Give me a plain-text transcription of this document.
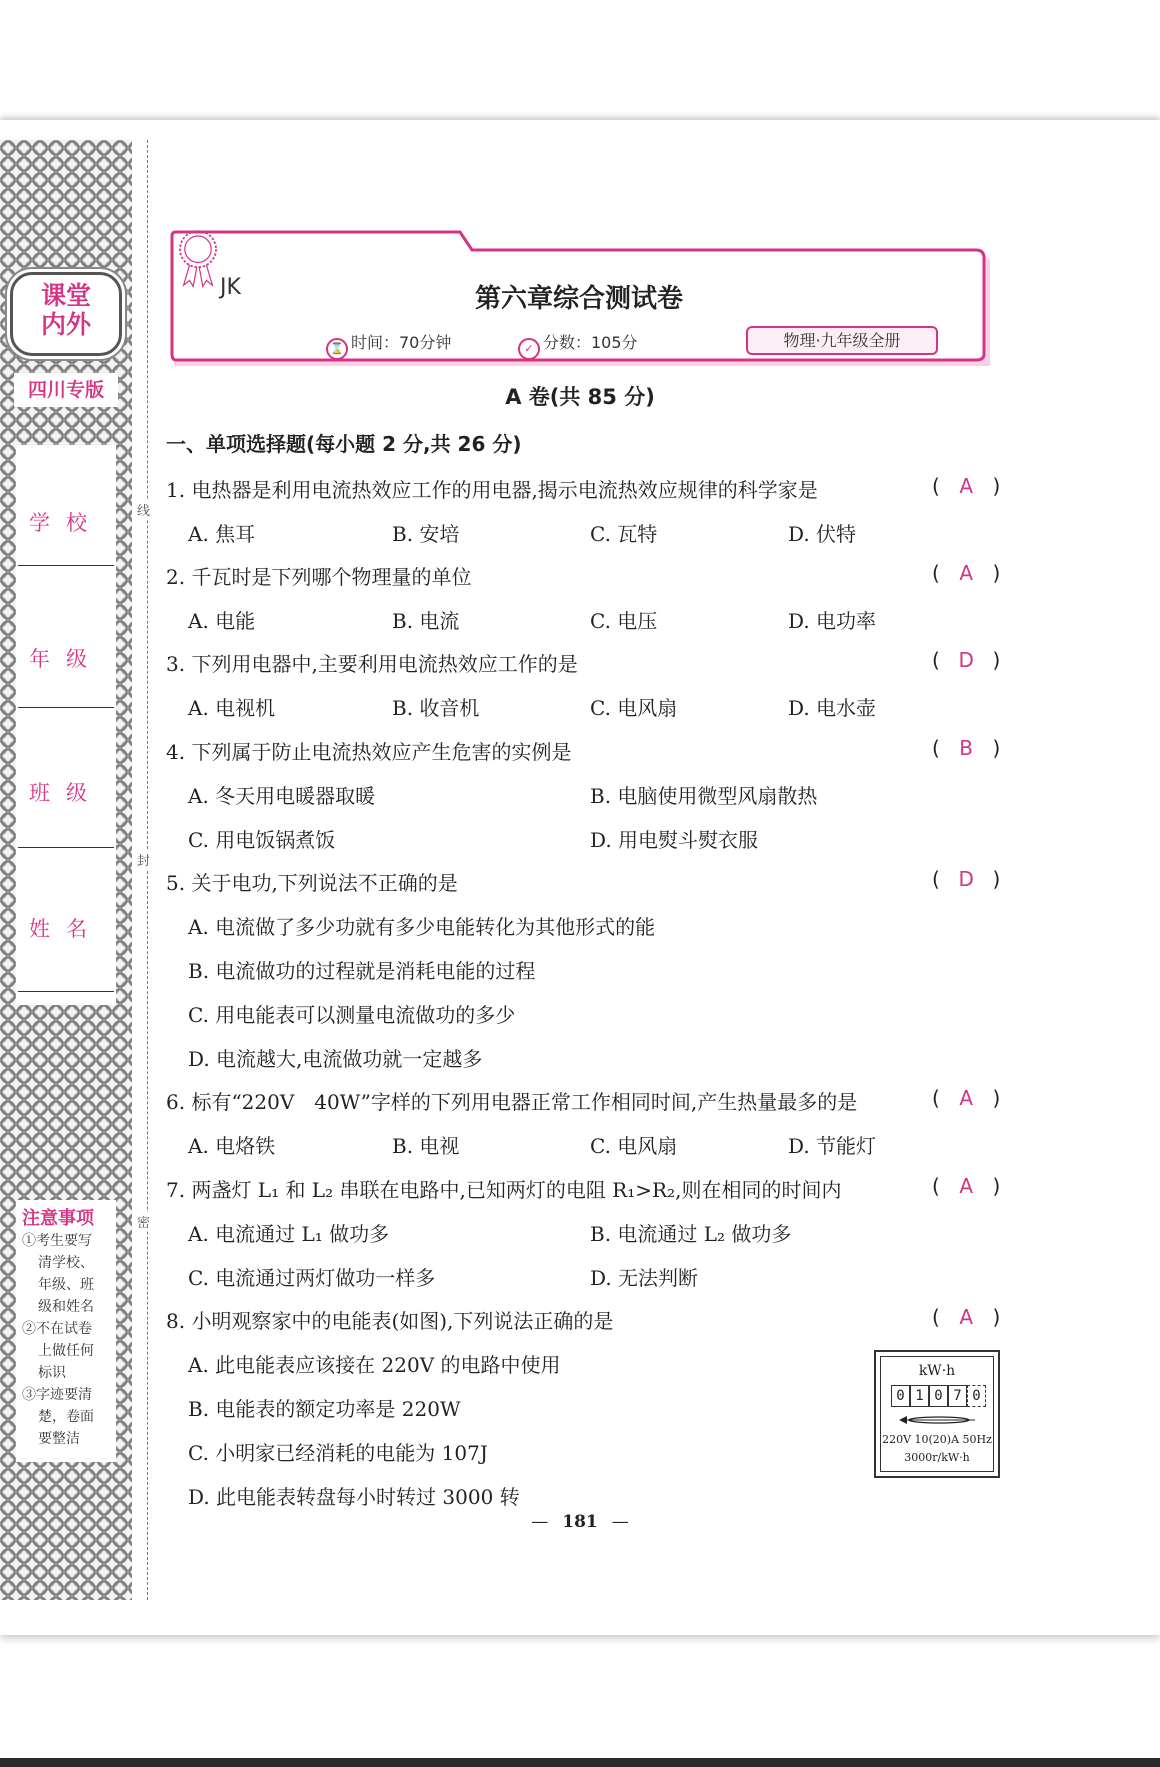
课堂
内外
四川专版
学校
年级
班级
姓名
注意事项
①考生要写
清学校、
年级、班
级和姓名
②不在试卷
上做任何
标识
③字迹要清
楚，卷面
要整洁
线
封
密
JK	第六章综合测试卷
⌛ 时间：70分钟	✓ 分数：105分	物理·九年级全册
A 卷(共 85 分)
一、单项选择题(每小题 2 分,共 26 分)
1. 电热器是利用电流热效应工作的用电器,揭示电流热效应规律的科学家是	( A )
A. 焦耳	B. 安培	C. 瓦特	D. 伏特
2. 千瓦时是下列哪个物理量的单位	( A )
A. 电能	B. 电流	C. 电压	D. 电功率
3. 下列用电器中,主要利用电流热效应工作的是	( D )
A. 电视机	B. 收音机	C. 电风扇	D. 电水壶
4. 下列属于防止电流热效应产生危害的实例是	( B )
A. 冬天用电暖器取暖	B. 电脑使用微型风扇散热
C. 用电饭锅煮饭	D. 用电熨斗熨衣服
5. 关于电功,下列说法不正确的是	( D )
A. 电流做了多少功就有多少电能转化为其他形式的能
B. 电流做功的过程就是消耗电能的过程
C. 用电能表可以测量电流做功的多少
D. 电流越大,电流做功就一定越多
6. 标有“220V　40W”字样的下列用电器正常工作相同时间,产生热量最多的是	( A )
A. 电烙铁	B. 电视	C. 电风扇	D. 节能灯
7. 两盏灯 L₁ 和 L₂ 串联在电路中,已知两灯的电阻 R₁>R₂,则在相同的时间内	( A )
A. 电流通过 L₁ 做功多	B. 电流通过 L₂ 做功多
C. 电流通过两灯做功一样多	D. 无法判断
8. 小明观察家中的电能表(如图),下列说法正确的是	( A )
A. 此电能表应该接在 220V 的电路中使用
B. 电能表的额定功率是 220W
C. 小明家已经消耗的电能为 107J
D. 此电能表转盘每小时转过 3000 转
kW·h
0 1 0 7 0
220V 10(20)A 50Hz
3000r/kW·h
— 181 —
